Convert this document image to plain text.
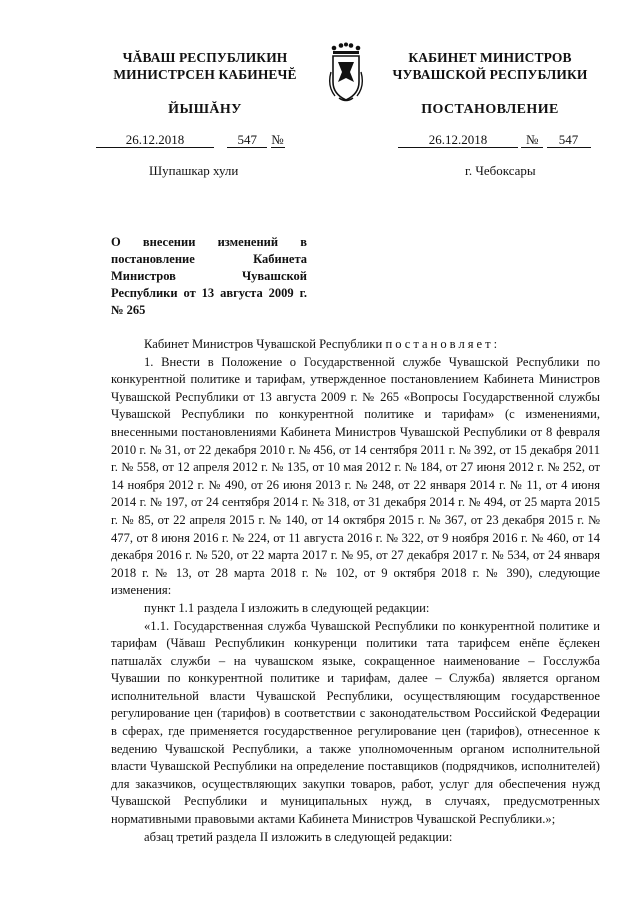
ЧĂВАШ РЕСПУБЛИКИН
МИНИСТРСЕН КАБИНЕЧĔ
ЙЫШĂНУ
КАБИНЕТ МИНИСТРОВ
ЧУВАШСКОЙ РЕСПУБЛИКИ
ПОСТАНОВЛЕНИЕ
26.12.2018	547 №	26.12.2018	№ 547
Шупашкар хули	г. Чебоксары
О внесении изменений в постановление Кабинета Министров Чувашской Республики от 13 августа 2009 г. № 265

Кабинет Министров Чувашской Республики постановляет:

1. Внести в Положение о Государственной службе Чувашской Республики по конкурентной политике и тарифам, утвержденное постановлением Кабинета Министров Чувашской Республики от 13 августа 2009 г. № 265 «Вопросы Государственной службы Чувашской Республики по конкурентной политике и тарифам» (с изменениями, внесенными постановлениями Кабинета Министров Чувашской Республики от 8 февраля 2010 г. № 31, от 22 декабря 2010 г. № 456, от 14 сентября 2011 г. № 392, от 15 декабря 2011 г. № 558, от 12 апреля 2012 г. № 135, от 10 мая 2012 г. № 184, от 27 июня 2012 г. № 252, от 14 ноября 2012 г. № 490, от 26 июня 2013 г. № 248, от 22 января 2014 г. № 11, от 4 июня 2014 г. № 197, от 24 сентября 2014 г. № 318, от 31 декабря 2014 г. № 494, от 25 марта 2015 г. № 85, от 22 апреля 2015 г. № 140, от 14 октября 2015 г. № 367, от 23 декабря 2015 г. № 477, от 8 июня 2016 г. № 224, от 11 августа 2016 г. № 322, от 9 ноября 2016 г. № 460, от 14 декабря 2016 г. № 520, от 22 марта 2017 г. № 95, от 27 декабря 2017 г. № 534, от 24 января 2018 г. № 13, от 28 марта 2018 г. № 102, от 9 октября 2018 г. № 390), следующие изменения:

пункт 1.1 раздела I изложить в следующей редакции:

«1.1. Государственная служба Чувашской Республики по конкурентной политике и тарифам (Чăваш Республикин конкуренци политики тата тарифсем енĕпе ĕçлекен патшалăх служби – на чувашском языке, сокращенное наименование – Госслужба Чувашии по конкурентной политике и тарифам, далее – Служба) является органом исполнительной власти Чувашской Республики, осуществляющим государственное регулирование цен (тарифов) в соответствии с законодательством Российской Федерации в сферах, где применяется государственное регулирование цен (тарифов), отнесенное к ведению Чувашской Республики, а также уполномоченным органом исполнительной власти Чувашской Республики на определение поставщиков (подрядчиков, исполнителей) для заказчиков, осуществляющих закупки товаров, работ, услуг для обеспечения нужд Чувашской Республики и муниципальных нужд, в случаях, предусмотренных нормативными правовыми актами Кабинета Министров Чувашской Республики.»;

абзац третий раздела II изложить в следующей редакции:
